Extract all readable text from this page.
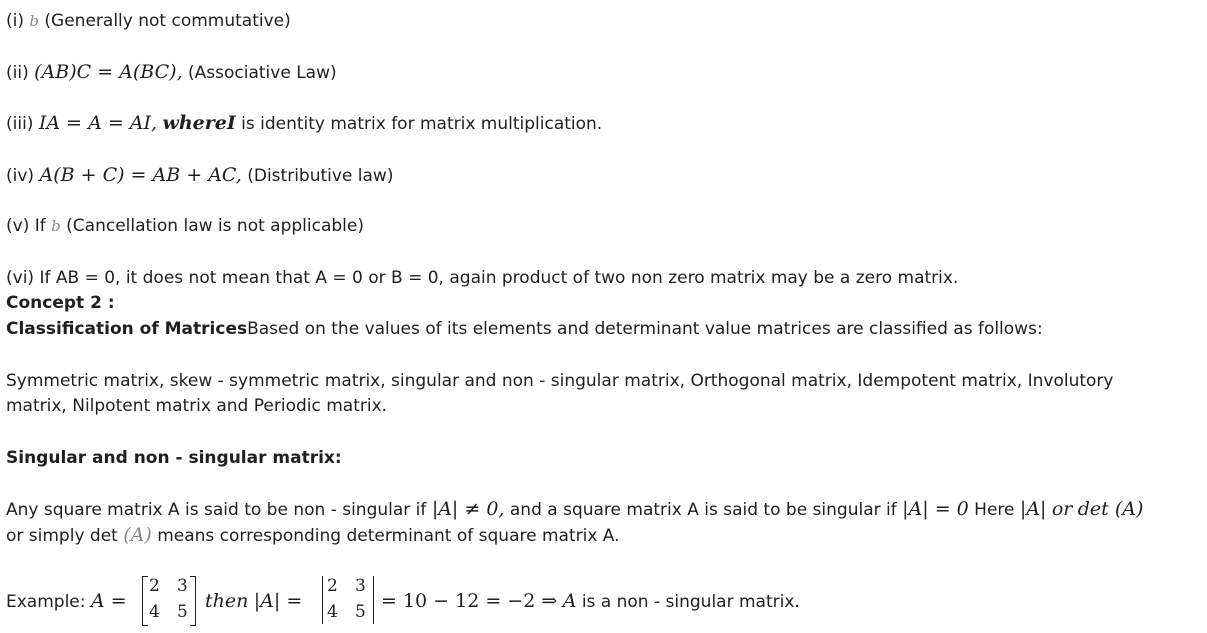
(i) b (Generally not commutative)
(ii) (AB)C = A(BC), (Associative Law)
(iii) IA = A = AI, whereI is identity matrix for matrix multiplication.
(iv) A(B + C) = AB + AC, (Distributive law)
(v) If b (Cancellation law is not applicable)
(vi) If AB = 0, it does not mean that A = 0 or B = 0, again product of two non zero matrix may be a zero matrix.
Concept 2 :
Classification of MatricesBased on the values of its elements and determinant value matrices are classified as follows:
Symmetric matrix, skew - symmetric matrix, singular and non - singular matrix, Orthogonal matrix, Idempotent matrix, Involutory
matrix, Nilpotent matrix and Periodic matrix.
Singular and non - singular matrix:
Any square matrix A is said to be non - singular if |A| ≠ 0, and a square matrix A is said to be singular if |A| = 0 Here |A| or det (A)
or simply det (A) means corresponding determinant of square matrix A.
Example: A =
2 3
4 5 then |A| =
2 3
4 5 = 10 − 12 = −2 ⇒ A is a non - singular matrix.
